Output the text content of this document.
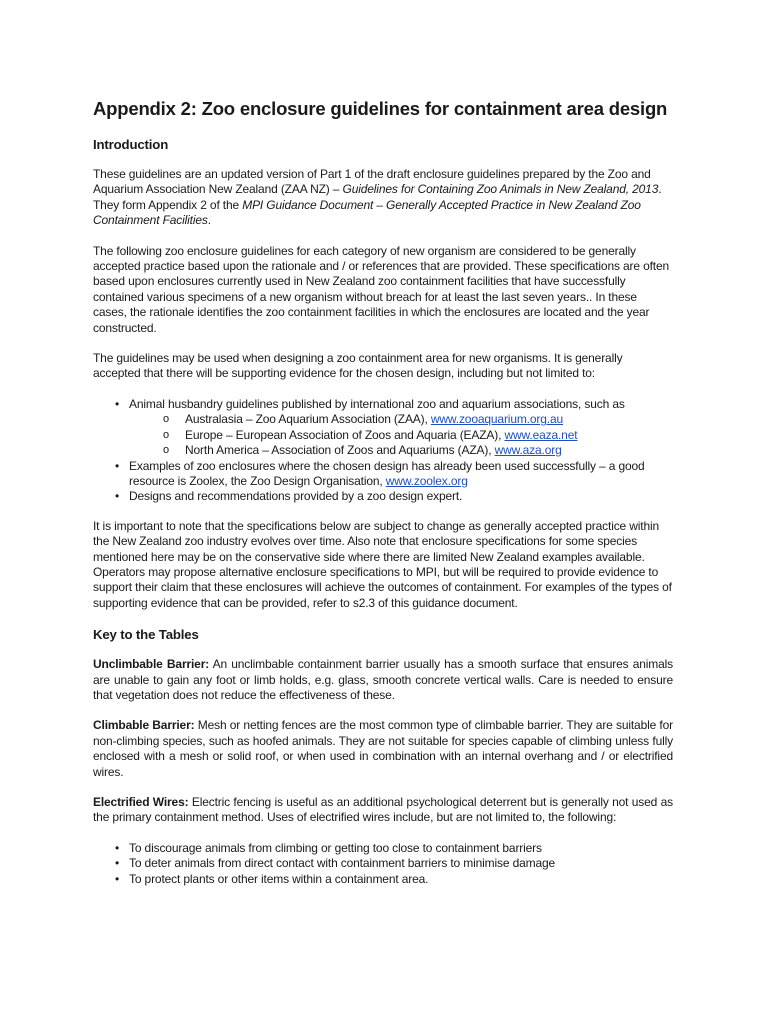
Appendix 2: Zoo enclosure guidelines for containment area design
Introduction

These guidelines are an updated version of Part 1 of the draft enclosure guidelines prepared by the Zoo and Aquarium Association New Zealand (ZAA NZ) – Guidelines for Containing Zoo Animals in New Zealand, 2013. They form Appendix 2 of the MPI Guidance Document – Generally Accepted Practice in New Zealand Zoo Containment Facilities.

The following zoo enclosure guidelines for each category of new organism are considered to be generally accepted practice based upon the rationale and / or references that are provided. These specifications are often based upon enclosures currently used in New Zealand zoo containment facilities that have successfully contained various specimens of a new organism without breach for at least the last seven years.. In these cases, the rationale identifies the zoo containment facilities in which the enclosures are located and the year constructed.

The guidelines may be used when designing a zoo containment area for new organisms. It is generally accepted that there will be supporting evidence for the chosen design, including but not limited to:

• Animal husbandry guidelines published by international zoo and aquarium associations, such as
o Australasia – Zoo Aquarium Association (ZAA), www.zooaquarium.org.au
o Europe – European Association of Zoos and Aquaria (EAZA), www.eaza.net
o North America – Association of Zoos and Aquariums (AZA), www.aza.org
• Examples of zoo enclosures where the chosen design has already been used successfully – a good resource is Zoolex, the Zoo Design Organisation, www.zoolex.org
• Designs and recommendations provided by a zoo design expert.

It is important to note that the specifications below are subject to change as generally accepted practice within the New Zealand zoo industry evolves over time. Also note that enclosure specifications for some species mentioned here may be on the conservative side where there are limited New Zealand examples available. Operators may propose alternative enclosure specifications to MPI, but will be required to provide evidence to support their claim that these enclosures will achieve the outcomes of containment. For examples of the types of supporting evidence that can be provided, refer to s2.3 of this guidance document.

Key to the Tables

Unclimbable Barrier: An unclimbable containment barrier usually has a smooth surface that ensures animals are unable to gain any foot or limb holds, e.g. glass, smooth concrete vertical walls. Care is needed to ensure that vegetation does not reduce the effectiveness of these.

Climbable Barrier: Mesh or netting fences are the most common type of climbable barrier. They are suitable for non-climbing species, such as hoofed animals. They are not suitable for species capable of climbing unless fully enclosed with a mesh or solid roof, or when used in combination with an internal overhang and / or electrified wires.

Electrified Wires: Electric fencing is useful as an additional psychological deterrent but is generally not used as the primary containment method. Uses of electrified wires include, but are not limited to, the following:

• To discourage animals from climbing or getting too close to containment barriers
• To deter animals from direct contact with containment barriers to minimise damage
• To protect plants or other items within a containment area.
